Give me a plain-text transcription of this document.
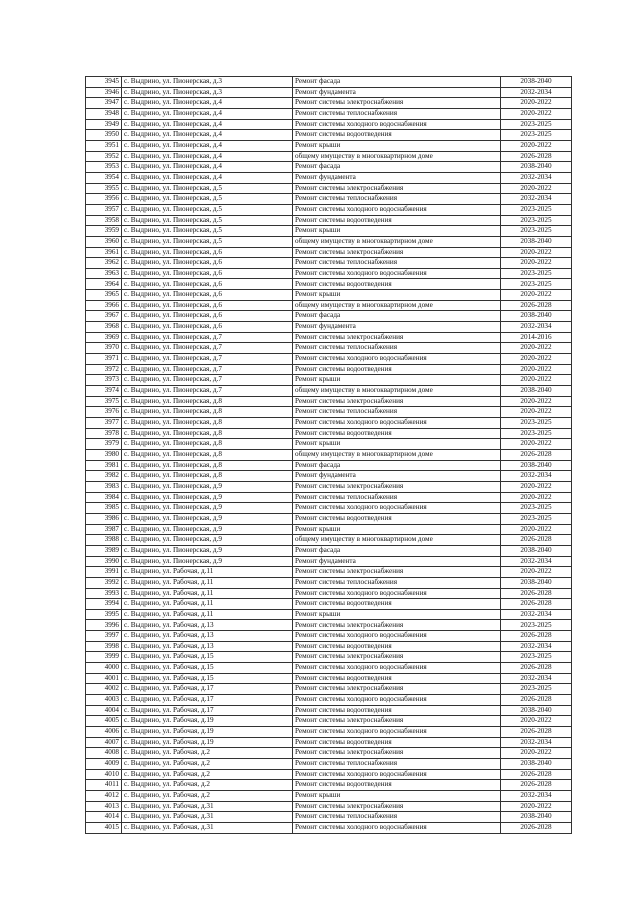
3945	с. Выдрино, ул. Пионерская, д.3	Ремонт фасада	2038-2040
3946	с. Выдрино, ул. Пионерская, д.3	Ремонт фундамента	2032-2034
3947	с. Выдрино, ул. Пионерская, д.4	Ремонт системы электроснабжения	2020-2022
3948	с. Выдрино, ул. Пионерская, д.4	Ремонт системы теплоснабжения	2020-2022
3949	с. Выдрино, ул. Пионерская, д.4	Ремонт системы холодного водоснабжения	2023-2025
3950	с. Выдрино, ул. Пионерская, д.4	Ремонт системы водоотведения	2023-2025
3951	с. Выдрино, ул. Пионерская, д.4	Ремонт крыши	2020-2022
3952	с. Выдрино, ул. Пионерская, д.4	общему имуществу в многоквартирном доме	2026-2028
3953	с. Выдрино, ул. Пионерская, д.4	Ремонт фасада	2038-2040
3954	с. Выдрино, ул. Пионерская, д.4	Ремонт фундамента	2032-2034
3955	с. Выдрино, ул. Пионерская, д.5	Ремонт системы электроснабжения	2020-2022
3956	с. Выдрино, ул. Пионерская, д.5	Ремонт системы теплоснабжения	2032-2034
3957	с. Выдрино, ул. Пионерская, д.5	Ремонт системы холодного водоснабжения	2023-2025
3958	с. Выдрино, ул. Пионерская, д.5	Ремонт системы водоотведения	2023-2025
3959	с. Выдрино, ул. Пионерская, д.5	Ремонт крыши	2023-2025
3960	с. Выдрино, ул. Пионерская, д.5	общему имуществу в многоквартирном доме	2038-2040
3961	с. Выдрино, ул. Пионерская, д.6	Ремонт системы электроснабжения	2020-2022
3962	с. Выдрино, ул. Пионерская, д.6	Ремонт системы теплоснабжения	2020-2022
3963	с. Выдрино, ул. Пионерская, д.6	Ремонт системы холодного водоснабжения	2023-2025
3964	с. Выдрино, ул. Пионерская, д.6	Ремонт системы водоотведения	2023-2025
3965	с. Выдрино, ул. Пионерская, д.6	Ремонт крыши	2020-2022
3966	с. Выдрино, ул. Пионерская, д.6	общему имуществу в многоквартирном доме	2026-2028
3967	с. Выдрино, ул. Пионерская, д.6	Ремонт фасада	2038-2040
3968	с. Выдрино, ул. Пионерская, д.6	Ремонт фундамента	2032-2034
3969	с. Выдрино, ул. Пионерская, д.7	Ремонт системы электроснабжения	2014-2016
3970	с. Выдрино, ул. Пионерская, д.7	Ремонт системы теплоснабжения	2020-2022
3971	с. Выдрино, ул. Пионерская, д.7	Ремонт системы холодного водоснабжения	2020-2022
3972	с. Выдрино, ул. Пионерская, д.7	Ремонт системы водоотведения	2020-2022
3973	с. Выдрино, ул. Пионерская, д.7	Ремонт крыши	2020-2022
3974	с. Выдрино, ул. Пионерская, д.7	общему имуществу в многоквартирном доме	2038-2040
3975	с. Выдрино, ул. Пионерская, д.8	Ремонт системы электроснабжения	2020-2022
3976	с. Выдрино, ул. Пионерская, д.8	Ремонт системы теплоснабжения	2020-2022
3977	с. Выдрино, ул. Пионерская, д.8	Ремонт системы холодного водоснабжения	2023-2025
3978	с. Выдрино, ул. Пионерская, д.8	Ремонт системы водоотведения	2023-2025
3979	с. Выдрино, ул. Пионерская, д.8	Ремонт крыши	2020-2022
3980	с. Выдрино, ул. Пионерская, д.8	общему имуществу в многоквартирном доме	2026-2028
3981	с. Выдрино, ул. Пионерская, д.8	Ремонт фасада	2038-2040
3982	с. Выдрино, ул. Пионерская, д.8	Ремонт фундамента	2032-2034
3983	с. Выдрино, ул. Пионерская, д.9	Ремонт системы электроснабжения	2020-2022
3984	с. Выдрино, ул. Пионерская, д.9	Ремонт системы теплоснабжения	2020-2022
3985	с. Выдрино, ул. Пионерская, д.9	Ремонт системы холодного водоснабжения	2023-2025
3986	с. Выдрино, ул. Пионерская, д.9	Ремонт системы водоотведения	2023-2025
3987	с. Выдрино, ул. Пионерская, д.9	Ремонт крыши	2020-2022
3988	с. Выдрино, ул. Пионерская, д.9	общему имуществу в многоквартирном доме	2026-2028
3989	с. Выдрино, ул. Пионерская, д.9	Ремонт фасада	2038-2040
3990	с. Выдрино, ул. Пионерская, д.9	Ремонт фундамента	2032-2034
3991	с. Выдрино, ул. Рабочая, д.11	Ремонт системы электроснабжения	2020-2022
3992	с. Выдрино, ул. Рабочая, д.11	Ремонт системы теплоснабжения	2038-2040
3993	с. Выдрино, ул. Рабочая, д.11	Ремонт системы холодного водоснабжения	2026-2028
3994	с. Выдрино, ул. Рабочая, д.11	Ремонт системы водоотведения	2026-2028
3995	с. Выдрино, ул. Рабочая, д.11	Ремонт крыши	2032-2034
3996	с. Выдрино, ул. Рабочая, д.13	Ремонт системы электроснабжения	2023-2025
3997	с. Выдрино, ул. Рабочая, д.13	Ремонт системы холодного водоснабжения	2026-2028
3998	с. Выдрино, ул. Рабочая, д.13	Ремонт системы водоотведения	2032-2034
3999	с. Выдрино, ул. Рабочая, д.15	Ремонт системы электроснабжения	2023-2025
4000	с. Выдрино, ул. Рабочая, д.15	Ремонт системы холодного водоснабжения	2026-2028
4001	с. Выдрино, ул. Рабочая, д.15	Ремонт системы водоотведения	2032-2034
4002	с. Выдрино, ул. Рабочая, д.17	Ремонт системы электроснабжения	2023-2025
4003	с. Выдрино, ул. Рабочая, д.17	Ремонт системы холодного водоснабжения	2026-2028
4004	с. Выдрино, ул. Рабочая, д.17	Ремонт системы водоотведения	2038-2040
4005	с. Выдрино, ул. Рабочая, д.19	Ремонт системы электроснабжения	2020-2022
4006	с. Выдрино, ул. Рабочая, д.19	Ремонт системы холодного водоснабжения	2026-2028
4007	с. Выдрино, ул. Рабочая, д.19	Ремонт системы водоотведения	2032-2034
4008	с. Выдрино, ул. Рабочая, д.2	Ремонт системы электроснабжения	2020-2022
4009	с. Выдрино, ул. Рабочая, д.2	Ремонт системы теплоснабжения	2038-2040
4010	с. Выдрино, ул. Рабочая, д.2	Ремонт системы холодного водоснабжения	2026-2028
4011	с. Выдрино, ул. Рабочая, д.2	Ремонт системы водоотведения	2026-2028
4012	с. Выдрино, ул. Рабочая, д.2	Ремонт крыши	2032-2034
4013	с. Выдрино, ул. Рабочая, д.31	Ремонт системы электроснабжения	2020-2022
4014	с. Выдрино, ул. Рабочая, д.31	Ремонт системы теплоснабжения	2038-2040
4015	с. Выдрино, ул. Рабочая, д.31	Ремонт системы холодного водоснабжения	2026-2028
